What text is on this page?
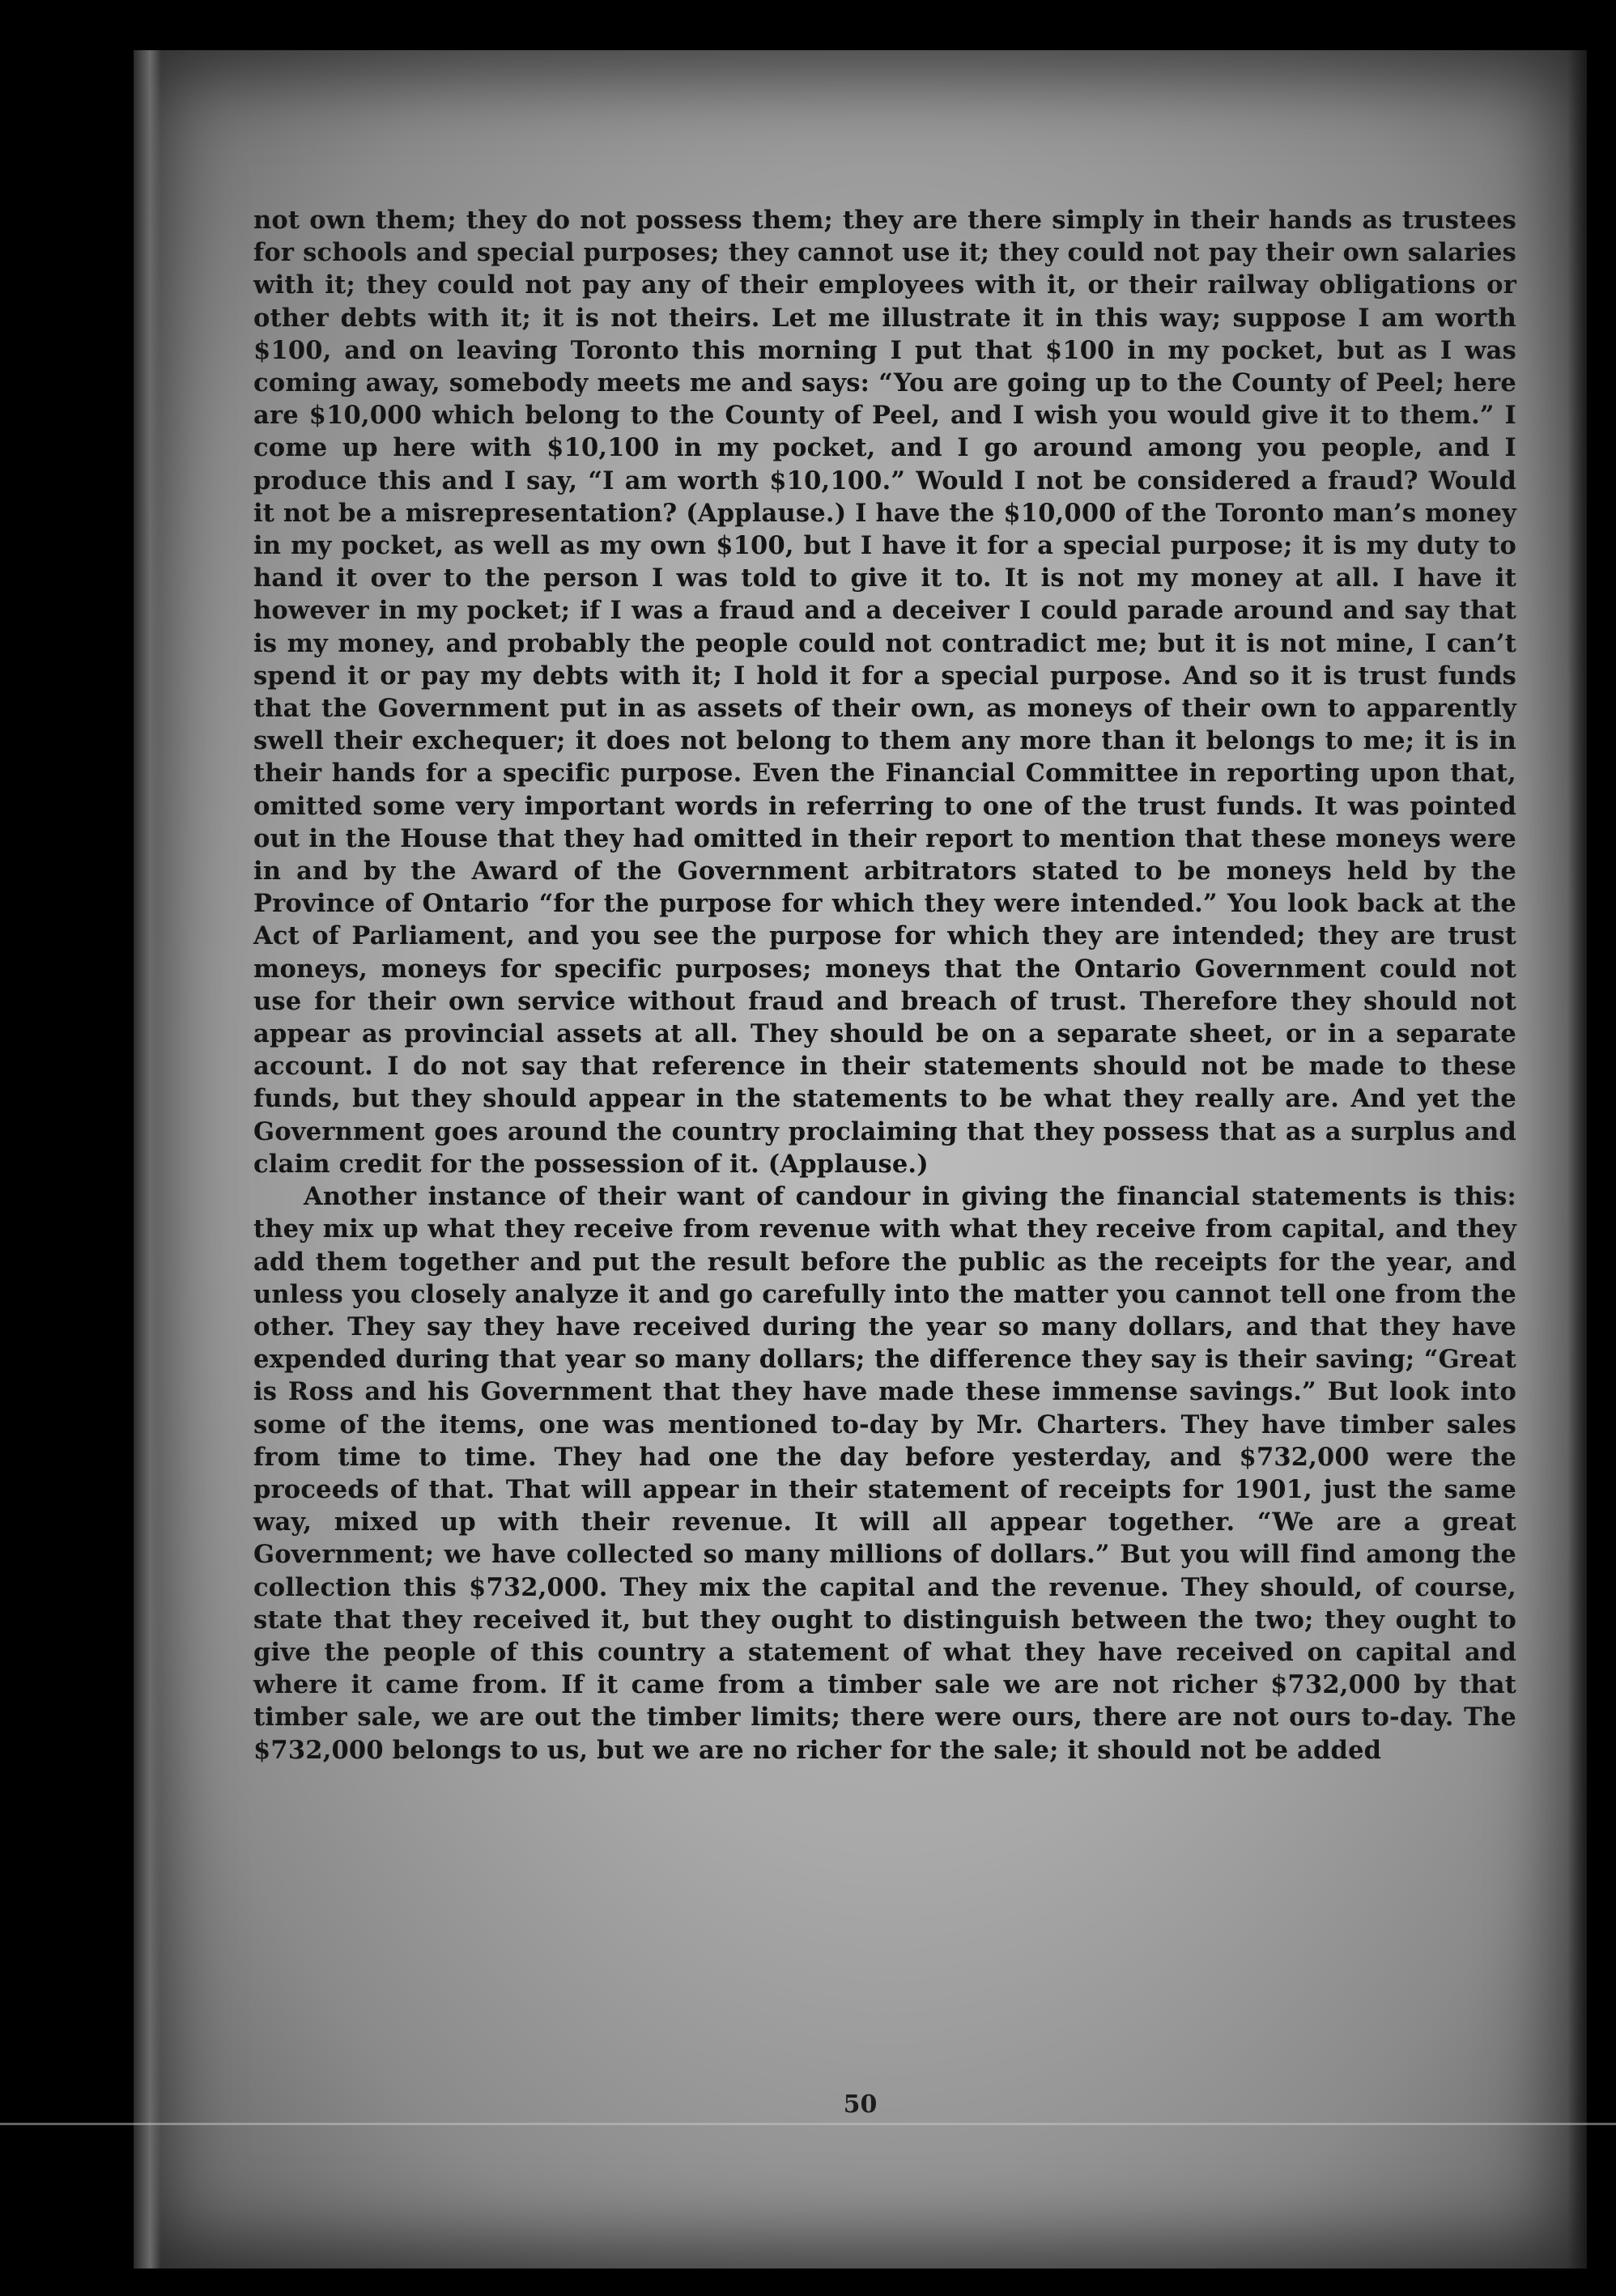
not own them; they do not possess them; they are there simply in their hands as trustees for schools and special purposes; they cannot use it; they could not pay their own salaries with it; they could not pay any of their employees with it, or their railway obligations or other debts with it; it is not theirs. Let me illustrate it in this way; suppose I am worth $100, and on leaving Toronto this morning I put that $100 in my pocket, but as I was coming away, somebody meets me and says: “You are going up to the County of Peel; here are $10,000 which belong to the County of Peel, and I wish you would give it to them.” I come up here with $10,100 in my pocket, and I go around among you people, and I produce this and I say, “I am worth $10,100.” Would I not be considered a fraud? Would it not be a misrepresentation? (Applause.) I have the $10,000 of the Toronto man’s money in my pocket, as well as my own $100, but I have it for a special purpose; it is my duty to hand it over to the person I was told to give it to. It is not my money at all. I have it however in my pocket; if I was a fraud and a deceiver I could parade around and say that is my money, and probably the people could not contradict me; but it is not mine, I can’t spend it or pay my debts with it; I hold it for a special purpose. And so it is trust funds that the Government put in as assets of their own, as moneys of their own to apparently swell their exchequer; it does not belong to them any more than it belongs to me; it is in their hands for a specific purpose. Even the Financial Committee in reporting upon that, omitted some very important words in referring to one of the trust funds. It was pointed out in the House that they had omitted in their report to mention that these moneys were in and by the Award of the Government arbitrators stated to be moneys held by the Province of Ontario “for the purpose for which they were intended.” You look back at the Act of Parliament, and you see the purpose for which they are intended; they are trust moneys, moneys for specific purposes; moneys that the Ontario Government could not use for their own service without fraud and breach of trust. Therefore they should not appear as provincial assets at all. They should be on a separate sheet, or in a separate account. I do not say that reference in their statements should not be made to these funds, but they should appear in the statements to be what they really are. And yet the Government goes around the country proclaiming that they possess that as a surplus and claim credit for the possession of it. (Applause.)

Another instance of their want of candour in giving the financial statements is this: they mix up what they receive from revenue with what they receive from capital, and they add them together and put the result before the public as the receipts for the year, and unless you closely analyze it and go carefully into the matter you cannot tell one from the other. They say they have received during the year so many dollars, and that they have expended during that year so many dollars; the difference they say is their saving; “Great is Ross and his Government that they have made these immense savings.” But look into some of the items, one was mentioned to-day by Mr. Charters. They have timber sales from time to time. They had one the day before yesterday, and $732,000 were the proceeds of that. That will appear in their statement of receipts for 1901, just the same way, mixed up with their revenue. It will all appear together. “We are a great Government; we have collected so many millions of dollars.” But you will find among the collection this $732,000. They mix the capital and the revenue. They should, of course, state that they received it, but they ought to distinguish between the two; they ought to give the people of this country a statement of what they have received on capital and where it came from. If it came from a timber sale we are not richer $732,000 by that timber sale, we are out the timber limits; there were ours, there are not ours to-day. The $732,000 belongs to us, but we are no richer for the sale; it should not be added

50
